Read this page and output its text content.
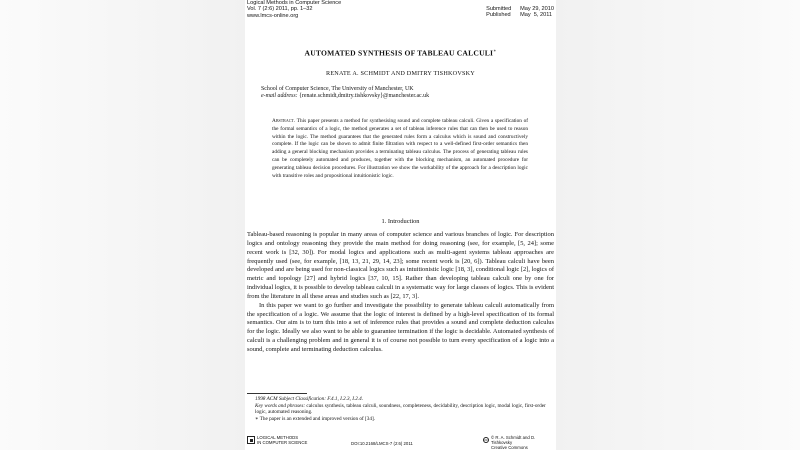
Logical Methods in Computer Science
Vol. 7 (2:6) 2011, pp. 1–32
www.lmcs-online.org
Submitted May 29, 2010
Published May  5, 2011
AUTOMATED SYNTHESIS OF TABLEAU CALCULI∗
RENATE A. SCHMIDT AND DMITRY TISHKOVSKY
School of Computer Science, The University of Manchester, UK
e-mail address: {renate.schmidt,dmitry.tishkovsky}@manchester.ac.uk
Abstract. This paper presents a method for synthesising sound and complete tableau calculi. Given a specification of the formal semantics of a logic, the method generates a set of tableau inference rules that can then be used to reason within the logic. The method guarantees that the generated rules form a calculus which is sound and constructively complete. If the logic can be shown to admit finite filtration with respect to a well-defined first-order semantics then adding a general blocking mechanism provides a terminating tableau calculus. The process of generating tableau rules can be completely automated and produces, together with the blocking mechanism, an automated procedure for generating tableau decision procedures. For illustration we show the workability of the approach for a description logic with transitive roles and propositional intuitionistic logic.
1. Introduction

Tableau-based reasoning is popular in many areas of computer science and various branches of logic. For description logics and ontology reasoning they provide the main method for doing reasoning (see, for example, [5, 24]; some recent work is [32, 30]). For modal logics and applications such as multi-agent systems tableau approaches are frequently used (see, for example, [18, 13, 21, 29, 14, 23]; some recent work is [20, 6]). Tableau calculi have been developed and are being used for non-classical logics such as intuitionistic logic [18, 3], conditional logic [2], logics of metric and topology [27] and hybrid logics [37, 10, 15]. Rather than developing tableau calculi one by one for individual logics, it is possible to develop tableau calculi in a systematic way for large classes of logics. This is evident from the literature in all these areas and studies such as [22, 17, 3].

In this paper we want to go further and investigate the possibility to generate tableau calculi automatically from the specification of a logic. We assume that the logic of interest is defined by a high-level specification of its formal semantics. Our aim is to turn this into a set of inference rules that provides a sound and complete deduction calculus for the logic. Ideally we also want to be able to guarantee termination if the logic is decidable. Automated synthesis of calculi is a challenging problem and in general it is of course not possible to turn every specification of a logic into a sound, complete and terminating deduction calculus.

1998 ACM Subject Classification: F.4.1, I.2.3, I.2.4.
Key words and phrases: calculus synthesis, tableau calculi, soundness, completeness, decidability, description logic, modal logic, first-order logic, automated reasoning.
∗ The paper is an extended and improved version of [34].
LOGICAL METHODS
IN COMPUTER SCIENCE	DOI:10.2168/LMCS-7 (2:6) 2011
cc © R. A. Schmidt and D. Tishkovsky
Creative Commons
